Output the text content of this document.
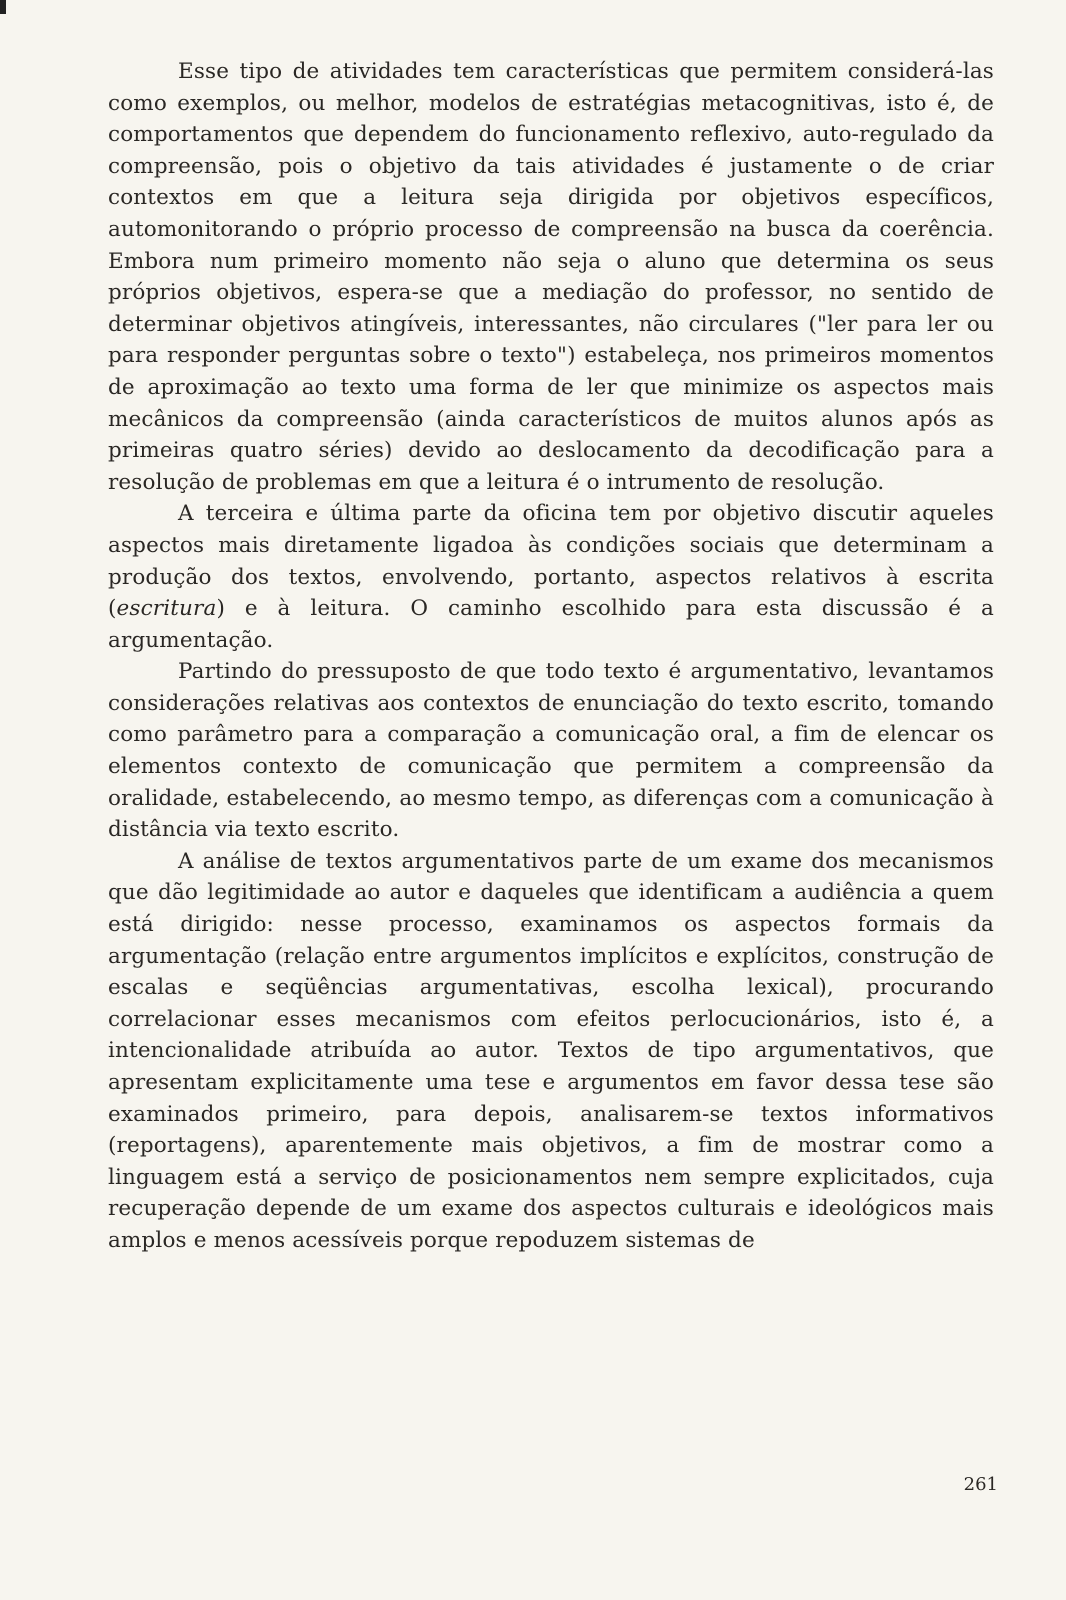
Esse tipo de atividades tem características que permitem considerá-las como exemplos, ou melhor, modelos de estratégias metacognitivas, isto é, de comportamentos que dependem do funcionamento reflexivo, auto-regulado da compreensão, pois o objetivo da tais atividades é justamente o de criar contextos em que a leitura seja dirigida por objetivos específicos, automonitorando o próprio processo de compreensão na busca da coerência. Embora num primeiro momento não seja o aluno que determina os seus próprios objetivos, espera-se que a mediação do professor, no sentido de determinar objetivos atingíveis, interessantes, não circulares ("ler para ler ou para responder perguntas sobre o texto") estabeleça, nos primeiros momentos de aproximação ao texto uma forma de ler que minimize os aspectos mais mecânicos da compreensão (ainda característicos de muitos alunos após as primeiras quatro séries) devido ao deslocamento da decodificação para a resolução de problemas em que a leitura é o intrumento de resolução.

A terceira e última parte da oficina tem por objetivo discutir aqueles aspectos mais diretamente ligadoa às condições sociais que determinam a produção dos textos, envolvendo, portanto, aspectos relativos à escrita (escritura) e à leitura. O caminho escolhido para esta discussão é a argumentação.

Partindo do pressuposto de que todo texto é argumentativo, levantamos considerações relativas aos contextos de enunciação do texto escrito, tomando como parâmetro para a comparação a comunicação oral, a fim de elencar os elementos contexto de comunicação que permitem a compreensão da oralidade, estabelecendo, ao mesmo tempo, as diferenças com a comunicação à distância via texto escrito.

A análise de textos argumentativos parte de um exame dos mecanismos que dão legitimidade ao autor e daqueles que identificam a audiência a quem está dirigido: nesse processo, examinamos os aspectos formais da argumentação (relação entre argumentos implícitos e explícitos, construção de escalas e seqüências argumentativas, escolha lexical), procurando correlacionar esses mecanismos com efeitos perlocucionários, isto é, a intencionalidade atribuída ao autor. Textos de tipo argumentativos, que apresentam explicitamente uma tese e argumentos em favor dessa tese são examinados primeiro, para depois, analisarem-se textos informativos (reportagens), aparentemente mais objetivos, a fim de mostrar como a linguagem está a serviço de posicionamentos nem sempre explicitados, cuja recuperação depende de um exame dos aspectos culturais e ideológicos mais amplos e menos acessíveis porque repoduzem sistemas de

261
